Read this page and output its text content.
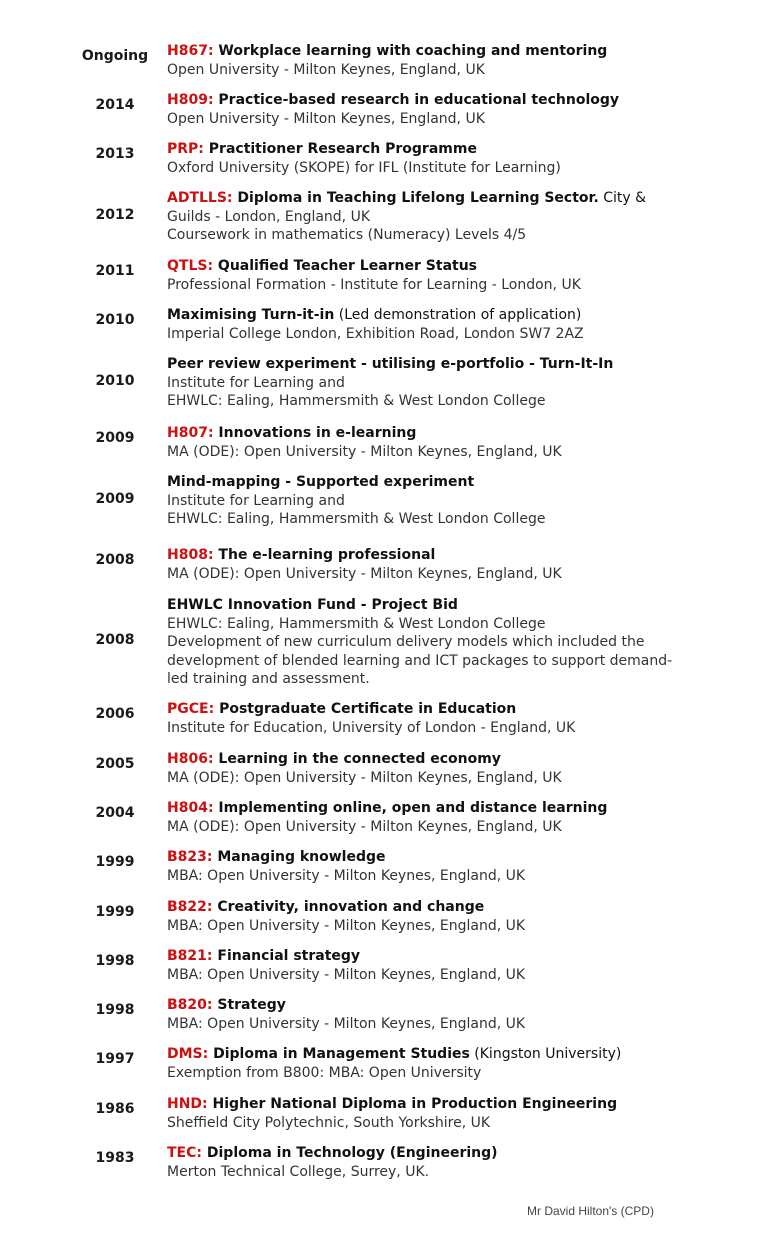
Ongoing	H867: Workplace learning with coaching and mentoring
Open University - Milton Keynes, England, UK
2014	H809: Practice-based research in educational technology
Open University - Milton Keynes, England, UK
2013	PRP: Practitioner Research Programme
Oxford University (SKOPE) for IFL (Institute for Learning)
2012
ADTLLS: Diploma in Teaching Lifelong Learning Sector. City &
Guilds - London, England, UK
Coursework in mathematics (Numeracy) Levels 4/5
2011	QTLS: Qualified Teacher Learner Status
Professional Formation - Institute for Learning - London, UK
2010	Maximising Turn-it-in (Led demonstration of application)
Imperial College London, Exhibition Road, London SW7 2AZ
2010
Peer review experiment - utilising e-portfolio - Turn-It-In
Institute for Learning and
EHWLC: Ealing, Hammersmith & West London College
2009	H807: Innovations in e-learning
MA (ODE): Open University - Milton Keynes, England, UK
2009
Mind-mapping - Supported experiment
Institute for Learning and
EHWLC: Ealing, Hammersmith & West London College
2008	H808: The e-learning professional
MA (ODE): Open University - Milton Keynes, England, UK
2008
EHWLC Innovation Fund - Project Bid
EHWLC: Ealing, Hammersmith & West London College
Development of new curriculum delivery models which included the
development of blended learning and ICT packages to support demand-
led training and assessment.
2006	PGCE: Postgraduate Certificate in Education
Institute for Education, University of London - England, UK
2005	H806: Learning in the connected economy
MA (ODE): Open University - Milton Keynes, England, UK
2004	H804: Implementing online, open and distance learning
MA (ODE): Open University - Milton Keynes, England, UK
1999	B823: Managing knowledge
MBA: Open University - Milton Keynes, England, UK
1999	B822: Creativity, innovation and change
MBA: Open University - Milton Keynes, England, UK
1998	B821: Financial strategy
MBA: Open University - Milton Keynes, England, UK
1998	B820: Strategy
MBA: Open University - Milton Keynes, England, UK
1997	DMS: Diploma in Management Studies (Kingston University)
Exemption from B800: MBA: Open University
1986	HND: Higher National Diploma in Production Engineering
Sheffield City Polytechnic, South Yorkshire, UK
1983	TEC: Diploma in Technology (Engineering)
Merton Technical College, Surrey, UK.
Mr David Hilton's (CPD)
